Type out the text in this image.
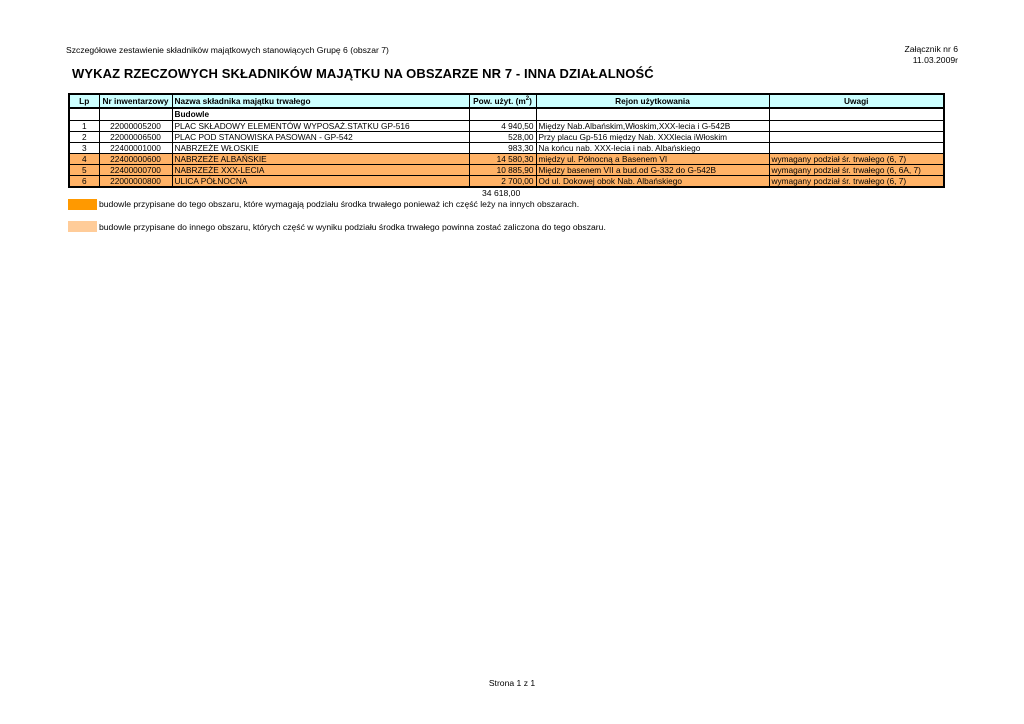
Szczegółowe zestawienie składników majątkowych stanowiących Grupę 6 (obszar 7)	Załącznik nr 6
11.03.2009r
WYKAZ RZECZOWYCH SKŁADNIKÓW MAJĄTKU NA OBSZARZE NR 7 - INNA DZIAŁALNOŚĆ
Lp	Nr inwentarzowy	Nazwa składnika majątku trwałego	Pow. użyt. $(m^2)$	Rejon użytkowania	Uwagi
		Budowle			
1	22000005200	PLAC SKŁADOWY ELEMENTÓW WYPOSAŻ.STATKU GP-516	4 940,50	Między Nab.Albańskim,Włoskim,XXX-lecia i G-542B	
2	22000006500	PLAC POD STANOWISKA PASOWAN - GP-542	528,00	Przy placu Gp-516 między Nab. XXXlecia iWłoskim	
3	22400001000	NABRZEŻE WŁOSKIE	983,30	Na końcu nab. XXX-lecia i nab. Albańskiego	
4	22400000600	NABRZEŻE ALBAŃSKIE	14 580,30	między ul. Północną a Basenem VI	wymagany podział śr. trwałego (6, 7)
5	22400000700	NABRZEŻE XXX-LECIA	10 885,90	Między basenem VII a bud.od G-332 do G-542B	wymagany podział śr. trwałego (6, 6A, 7)
6	22000000800	ULICA PÓŁNOCNA	2 700,00	Od ul. Dokowej obok Nab. Albańskiego	wymagany podział śr. trwałego (6, 7)
34 618,00
budowle przypisane do tego obszaru, które wymagają podziału środka trwałego ponieważ ich część leży na innych obszarach.
budowle przypisane do innego obszaru, których część w wyniku podziału środka trwałego powinna zostać zaliczona do tego obszaru.
Strona 1 z 1
